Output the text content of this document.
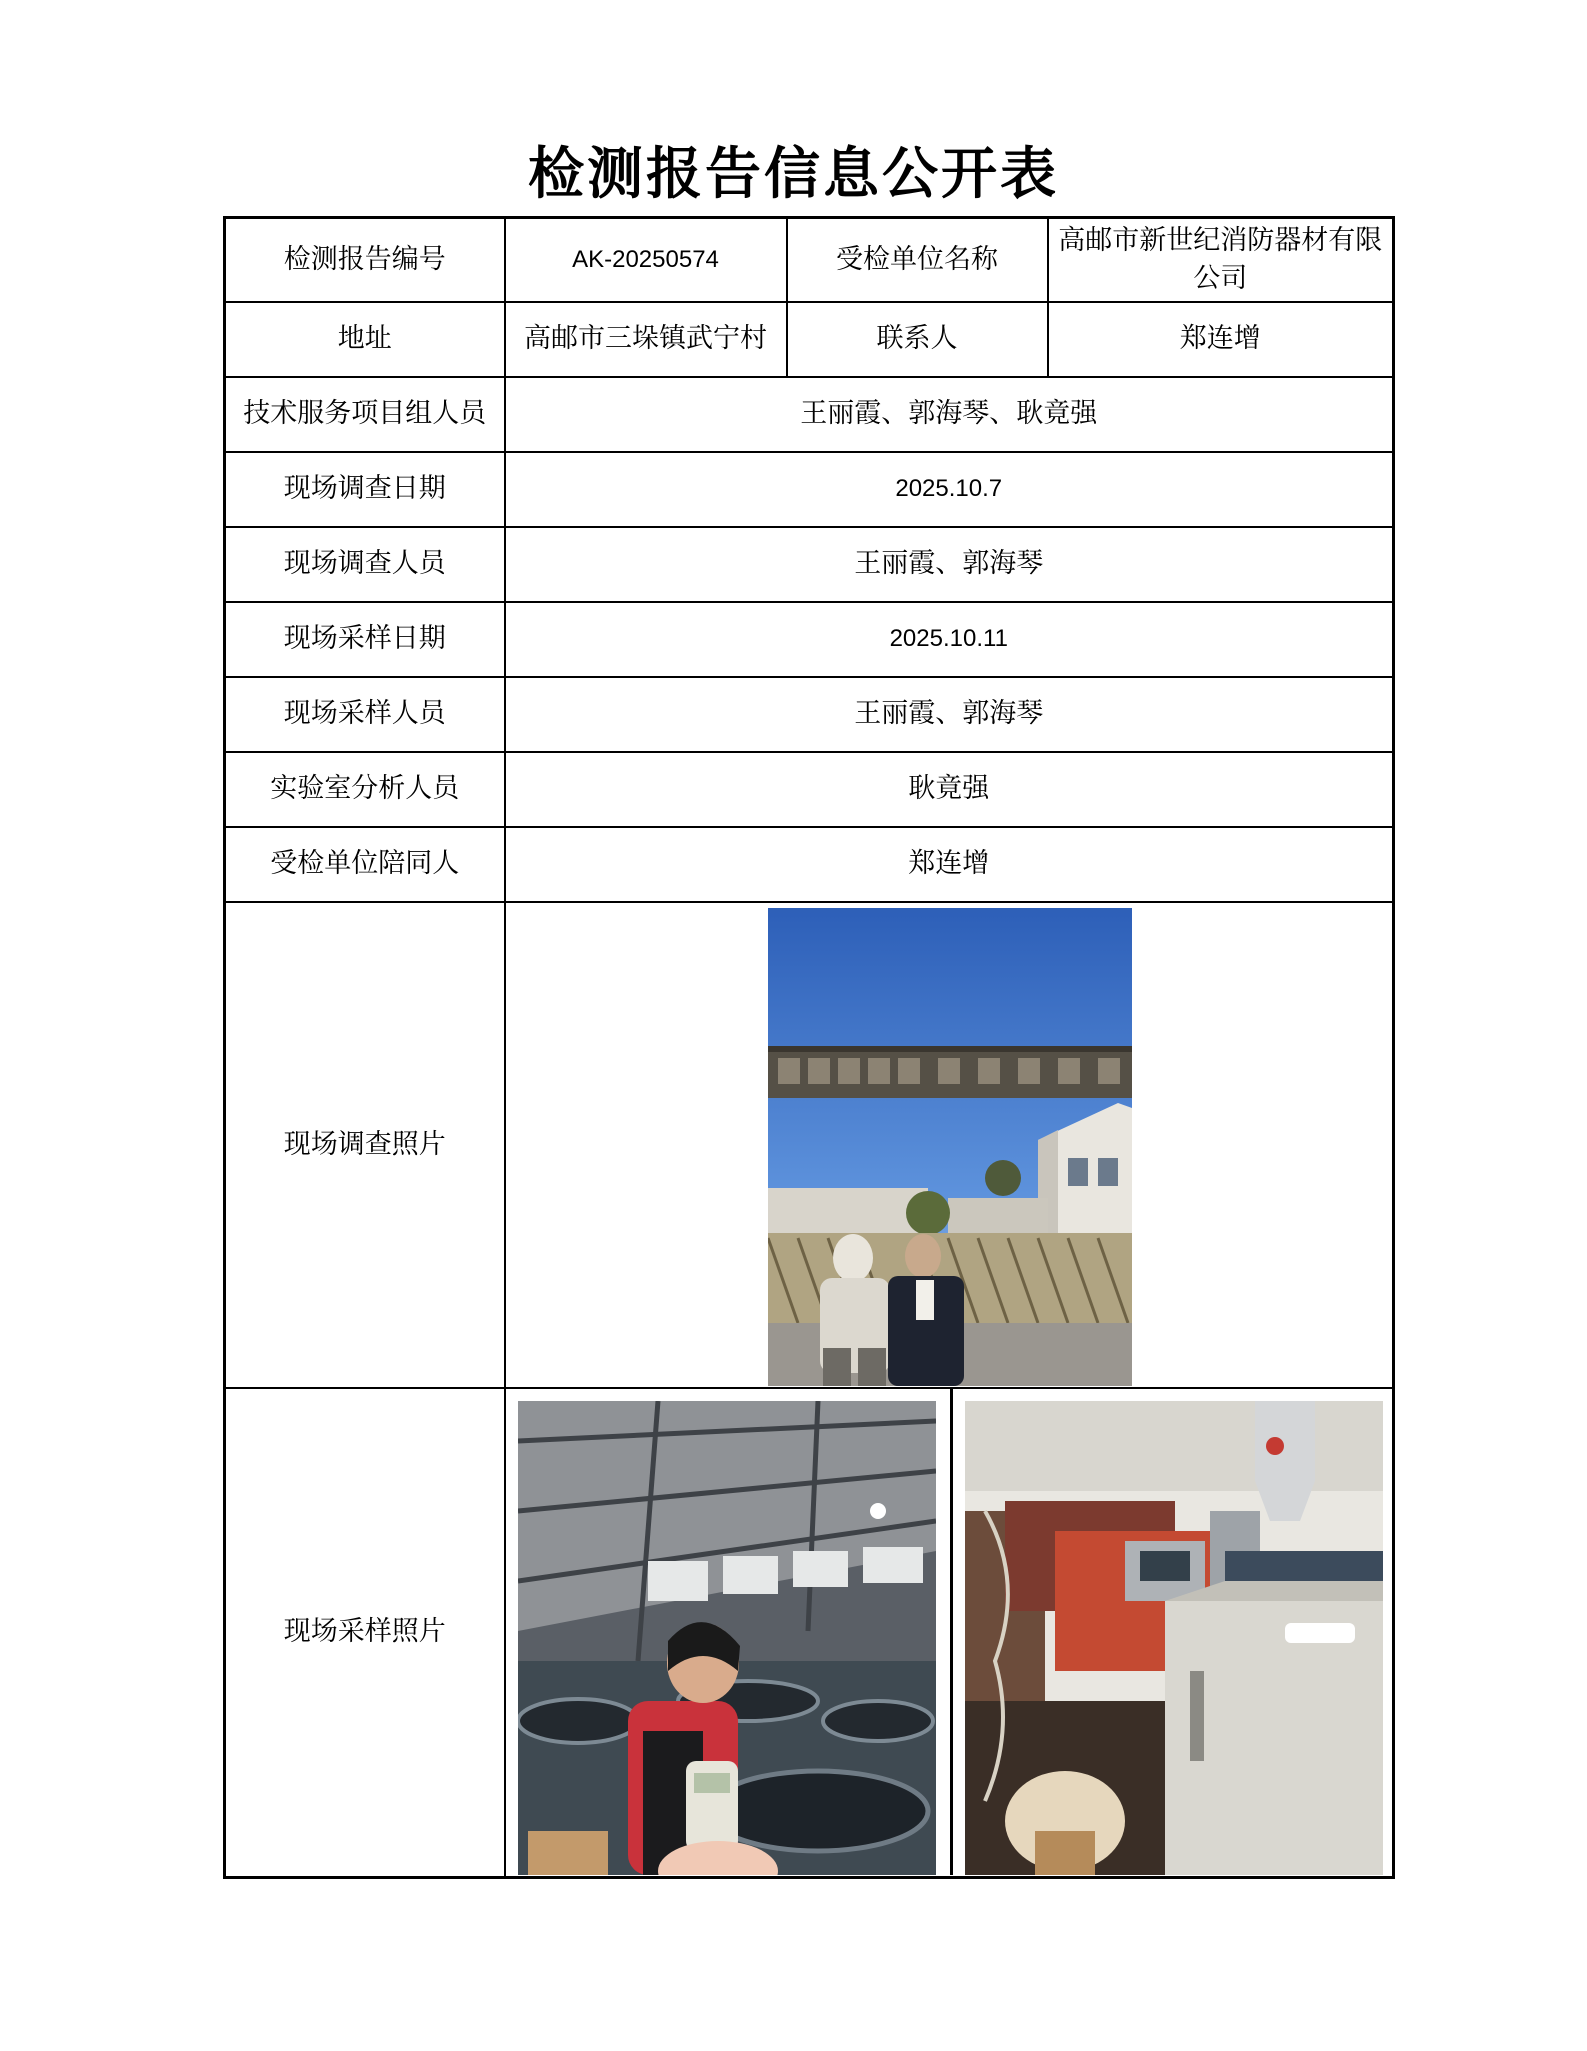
检测报告信息公开表
检测报告编号	AK-20250574	受检单位名称	高邮市新世纪消防器材有限公司
地址	高邮市三垛镇武宁村	联系人	郑连增
技术服务项目组人员	王丽霞、郭海琴、耿竟强		
现场调查日期	2025.10.7		
现场调查人员	王丽霞、郭海琴		
现场采样日期	2025.10.11		
现场采样人员	王丽霞、郭海琴		
实验室分析人员	耿竟强		
受检单位陪同人	郑连增		
现场调查照片	

现场采样照片	
